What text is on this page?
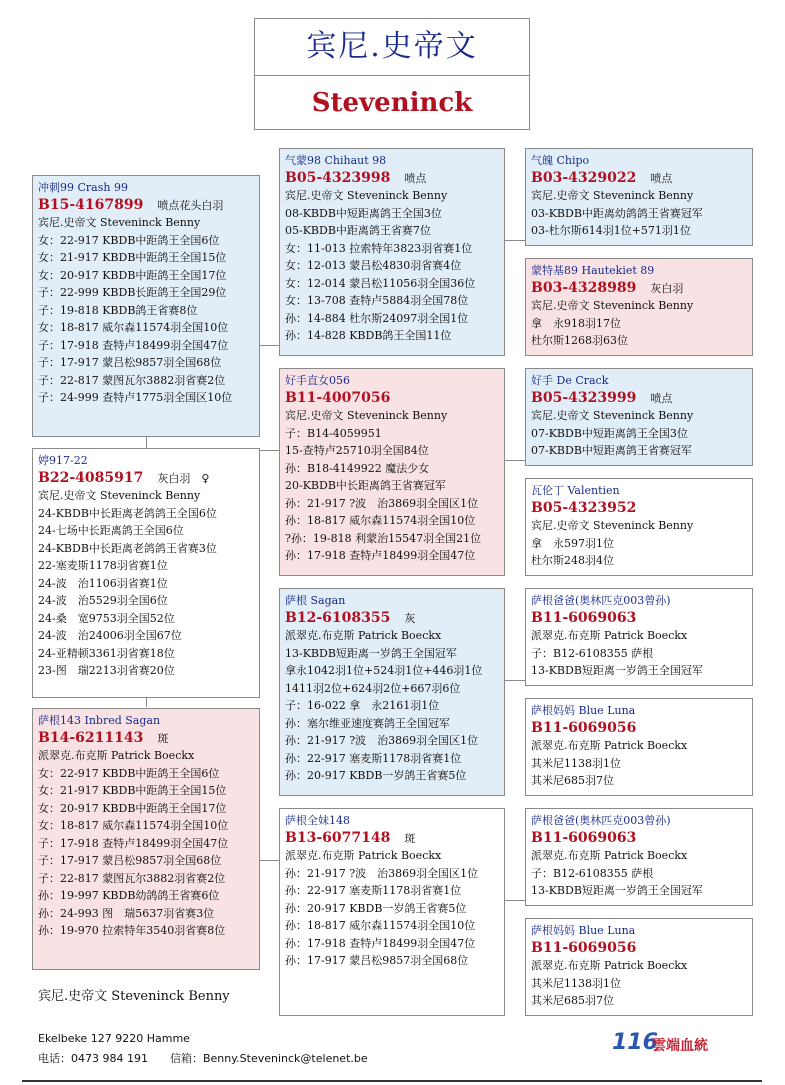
宾尼.史帝文
Steveninck
冲刺99 Crash 99
B15-4167899 喷点花头白羽
宾尼.史帝文 Steveninck Benny
女：22-917 KBDB中距鸽王全国6位
女：21-917 KBDB中距鸽王全国15位
女：20-917 KBDB中距鸽王全国17位
子：22-999 KBDB长距鸽王全国29位
子：19-818 KBDB鸽王省赛8位
女：18-817 威尔森11574羽全国10位
子：17-918 查特卢18499羽全国47位
子：17-917 蒙吕松9857羽全国68位
子：22-817 蒙图瓦尔3882羽省赛2位
子：24-999 查特卢1775羽全国区10位
婷917-22
B22-4085917 灰白羽　♀
宾尼.史帝文 Steveninck Benny
24-KBDB中长距离老鸽鸽王全国6位
24-七场中长距离鸽王全国6位
24-KBDB中长距离老鸽鸽王省赛3位
22-塞麦斯1178羽省赛1位
24-波　治1106羽省赛1位
24-波　治5529羽全国6位
24-桑　宽9753羽全国52位
24-波　治24006羽全国67位
24-亚精顿3361羽省赛18位
23-图　瑞2213羽省赛20位
萨根143 Inbred Sagan
B14-6211143 斑
派翠克.布克斯 Patrick Boeckx
女：22-917 KBDB中距鸽王全国6位
女：21-917 KBDB中距鸽王全国15位
女：20-917 KBDB中距鸽王全国17位
女：18-817 威尔森11574羽全国10位
子：17-918 查特卢18499羽全国47位
子：17-917 蒙吕松9857羽全国68位
子：22-817 蒙图瓦尔3882羽省赛2位
孙：19-997 KBDB幼鸽鸽王省赛6位
孙：24-993 图　瑞5637羽省赛3位
孙：19-970 拉索特年3540羽省赛8位
气蒙98 Chihaut 98
B05-4323998 喷点
宾尼.史帝文 Steveninck Benny
08-KBDB中短距离鸽王全国3位
05-KBDB中距离鸽王省赛7位
女：11-013 拉索特年3823羽省赛1位
女：12-013 蒙吕松4830羽省赛4位
女：12-014 蒙吕松11056羽全国36位
女：13-708 查特卢5884羽全国78位
孙：14-884 杜尔斯24097羽全国1位
孙：14-828 KBDB鸽王全国11位
好手直女056
B11-4007056
宾尼.史帝文 Steveninck Benny
子：B14-4059951
15-查特卢25710羽全国84位
孙：B18-4149922 魔法少女
20-KBDB中长距离鸽王省赛冠军
孙：21-917 ?波　治3869羽全国区1位
孙：18-817 威尔森11574羽全国10位
?孙：19-818 利蒙治15547羽全国21位
孙：17-918 查特卢18499羽全国47位
萨根 Sagan
B12-6108355 灰
派翠克.布克斯 Patrick Boeckx
13-KBDB短距离一岁鸽王全国冠军
拿永1042羽1位+524羽1位+446羽1位
1411羽2位+624羽2位+667羽6位
子：16-022 拿　永2161羽1位
孙：塞尔维亚速度赛鸽王全国冠军
孙：21-917 ?波　治3869羽全国区1位
孙：22-917 塞麦斯1178羽省赛1位
孙：20-917 KBDB一岁鸽王省赛5位
萨根全妹148
B13-6077148 斑
派翠克.布克斯 Patrick Boeckx
孙：21-917 ?波　治3869羽全国区1位
孙：22-917 塞麦斯1178羽省赛1位
孙：20-917 KBDB一岁鸽王省赛5位
孙：18-817 威尔森11574羽全国10位
孙：17-918 查特卢18499羽全国47位
孙：17-917 蒙吕松9857羽全国68位
气魄 Chipo
B03-4329022 喷点
宾尼.史帝文 Steveninck Benny
03-KBDB中距离幼鸽鸽王省赛冠军
03-杜尔斯614羽1位+571羽1位
蒙特基89 Hautekiet 89
B03-4328989 灰白羽
宾尼.史帝文 Steveninck Benny
拿　永918羽17位
杜尔斯1268羽63位
好手 De Crack
B05-4323999 喷点
宾尼.史帝文 Steveninck Benny
07-KBDB中短距离鸽王全国3位
07-KBDB中短距离鸽王省赛冠军
瓦伦丁 Valentien
B05-4323952
宾尼.史帝文 Steveninck Benny
拿　永597羽1位
杜尔斯248羽4位
萨根爸爸(奥林匹克003曾孙)
B11-6069063
派翠克.布克斯 Patrick Boeckx
子：B12-6108355 萨根
13-KBDB短距离一岁鸽王全国冠军
萨根妈妈 Blue Luna
B11-6069056
派翠克.布克斯 Patrick Boeckx
其米尼1138羽1位
其米尼685羽7位
萨根爸爸(奥林匹克003曾孙)
B11-6069063
派翠克.布克斯 Patrick Boeckx
子：B12-6108355 萨根
13-KBDB短距离一岁鸽王全国冠军
萨根妈妈 Blue Luna
B11-6069056
派翠克.布克斯 Patrick Boeckx
其米尼1138羽1位
其米尼685羽7位
宾尼.史帝文 Steveninck Benny
Ekelbeke 127 9220 Hamme
电话：0473 984 191　　信箱：Benny.Steveninck@telenet.be
116
雲端血統
